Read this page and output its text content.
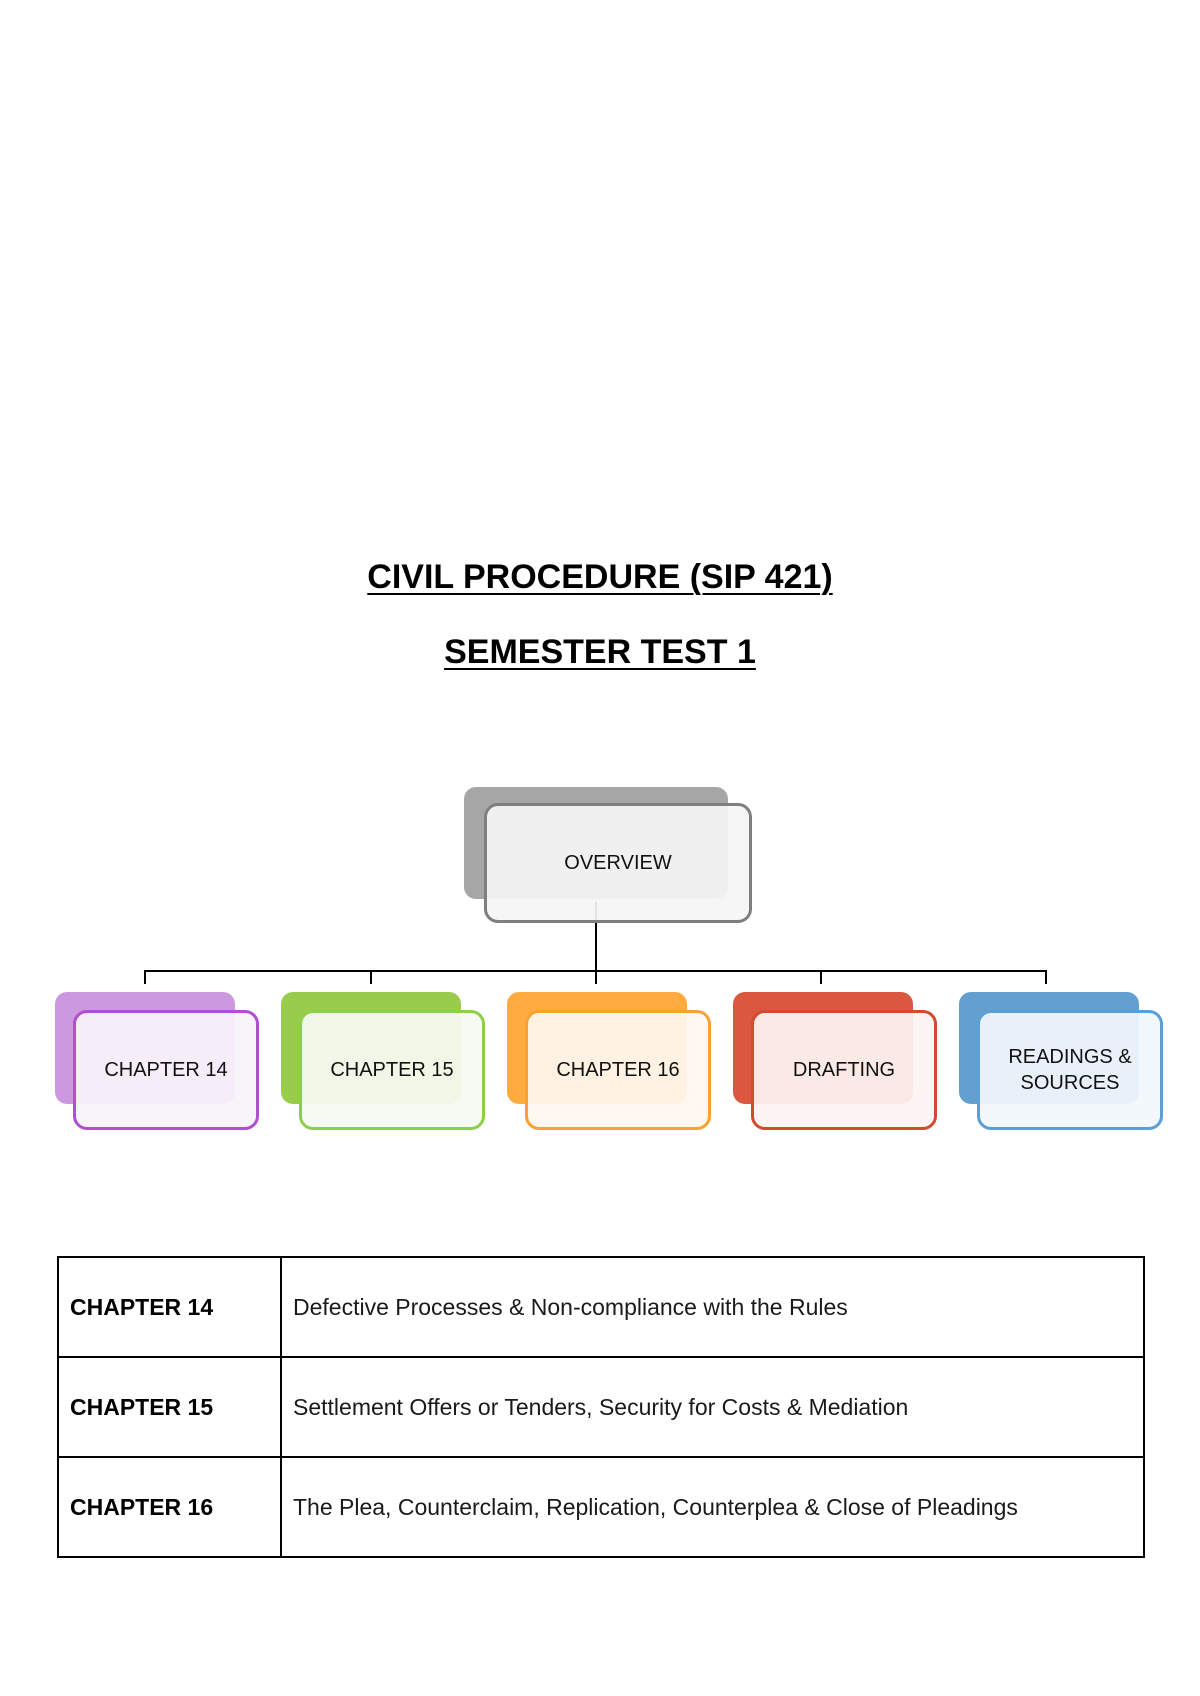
CIVIL PROCEDURE (SIP 421)
SEMESTER TEST 1
OVERVIEW
CHAPTER 14	CHAPTER 15	CHAPTER 16	DRAFTING
READINGS &
SOURCES
CHAPTER 14	Defective Processes & Non-compliance with the Rules
CHAPTER 15	Settlement Offers or Tenders, Security for Costs & Mediation
CHAPTER 16	The Plea, Counterclaim, Replication, Counterplea & Close of Pleadings
